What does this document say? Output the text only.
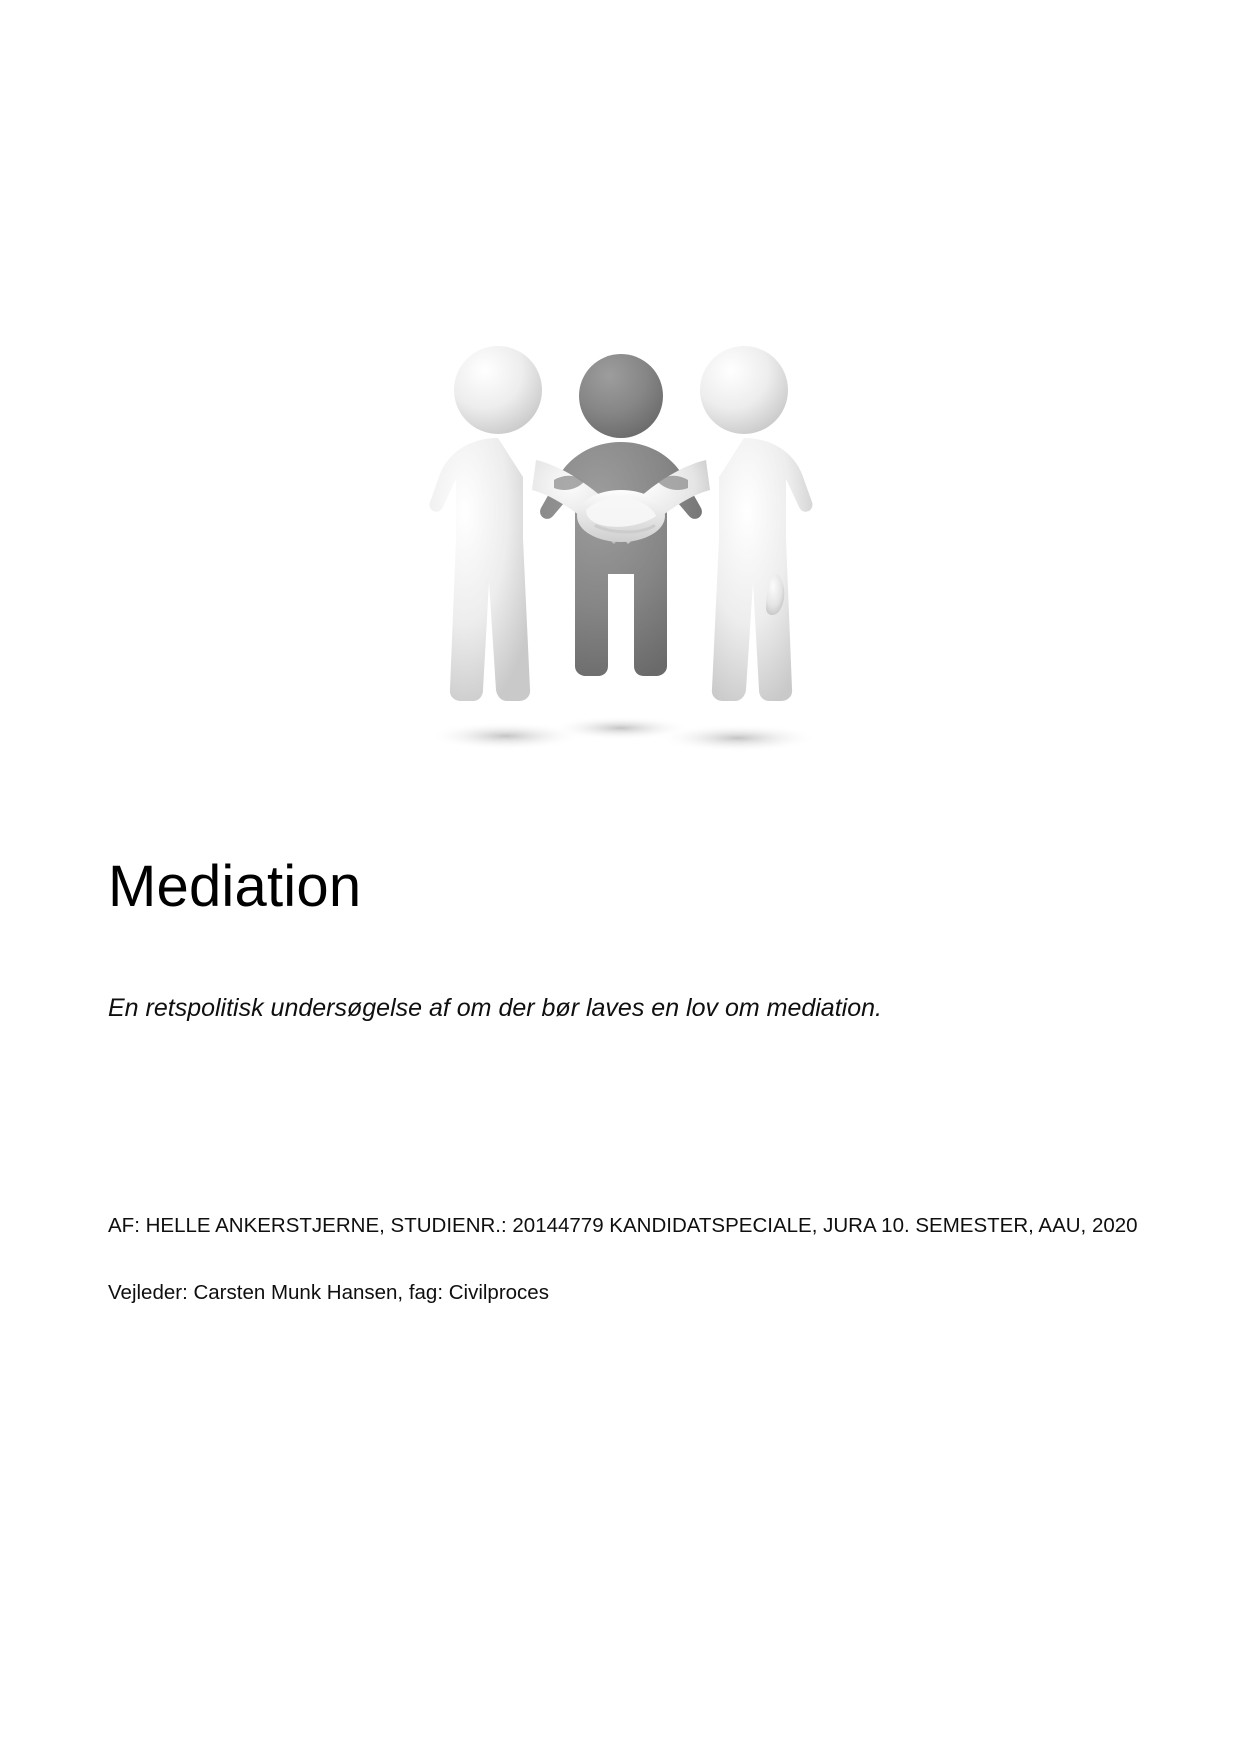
Mediation
En retspolitisk undersøgelse af om der bør laves en lov om mediation.
AF: HELLE ANKERSTJERNE, STUDIENR.: 20144779 KANDIDATSPECIALE, JURA 10. SEMESTER, AAU, 2020
Vejleder: Carsten Munk Hansen, fag: Civilproces
